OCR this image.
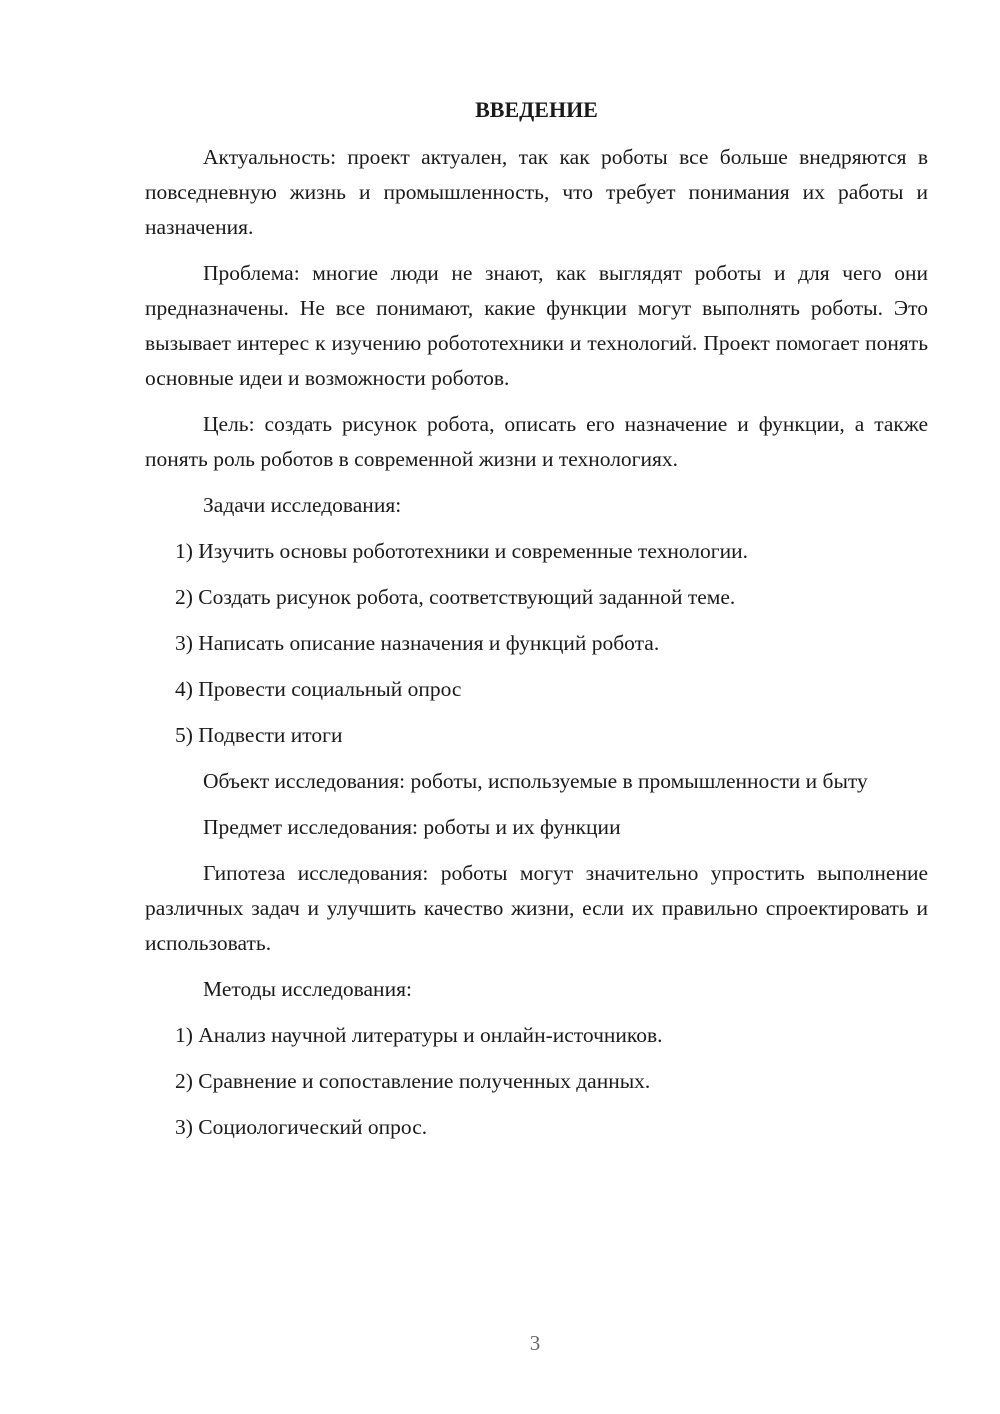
ВВЕДЕНИЕ

Актуальность: проект актуален, так как роботы все больше внедряются в повседневную жизнь и промышленность, что требует понимания их работы и назначения.

Проблема: многие люди не знают, как выглядят роботы и для чего они предназначены. Не все понимают, какие функции могут выполнять роботы. Это вызывает интерес к изучению робототехники и технологий. Проект помогает понять основные идеи и возможности роботов.

Цель: создать рисунок робота, описать его назначение и функции, а также понять роль роботов в современной жизни и технологиях.

Задачи исследования:

1) Изучить основы робототехники и современные технологии.

2) Создать рисунок робота, соответствующий заданной теме.

3) Написать описание назначения и функций робота.

4) Провести социальный опрос

5) Подвести итоги

Объект исследования: роботы, используемые в промышленности и быту

Предмет исследования: роботы и их функции

Гипотеза исследования: роботы могут значительно упростить выполнение различных задач и улучшить качество жизни, если их правильно спроектировать и использовать.

Методы исследования:

1) Анализ научной литературы и онлайн-источников.

2) Сравнение и сопоставление полученных данных.

3) Социологический опрос.

3
